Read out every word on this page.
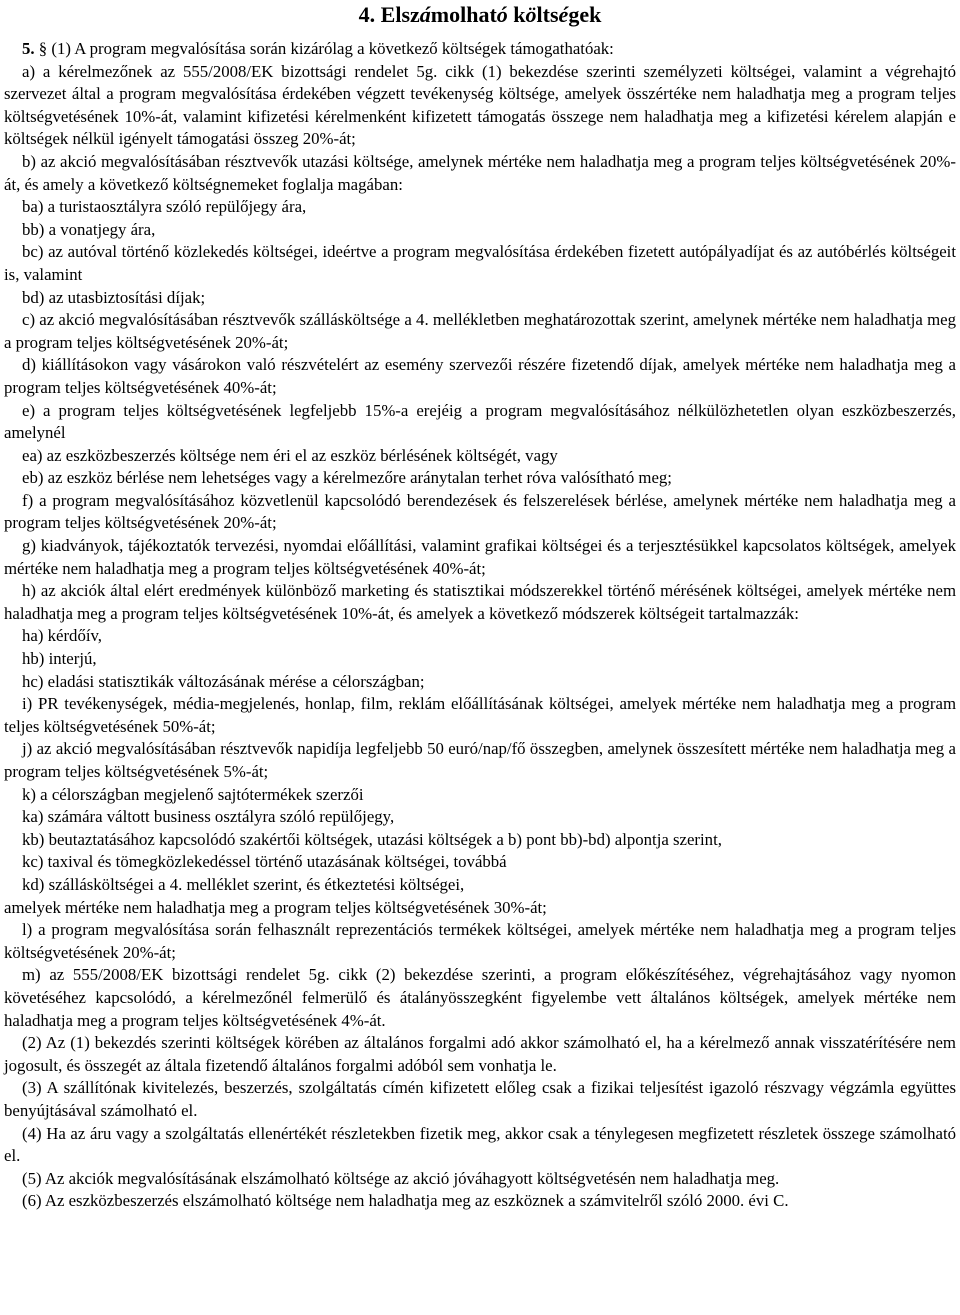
4. Elszámolható költségek

5. § (1) A program megvalósítása során kizárólag a következő költségek támogathatóak:

a) a kérelmezőnek az 555/2008/EK bizottsági rendelet 5g. cikk (1) bekezdése szerinti személyzeti költségei, valamint a végrehajtó szervezet által a program megvalósítása érdekében végzett tevékenység költsége, amelyek összértéke nem haladhatja meg a program teljes költségvetésének 10%-át, valamint kifizetési kérelmenként kifizetett támogatás összege nem haladhatja meg a kifizetési kérelem alapján e költségek nélkül igényelt támogatási összeg 20%-át;

b) az akció megvalósításában résztvevők utazási költsége, amelynek mértéke nem haladhatja meg a program teljes költségvetésének 20%-át, és amely a következő költségnemeket foglalja magában:

ba) a turistaosztályra szóló repülőjegy ára,

bb) a vonatjegy ára,

bc) az autóval történő közlekedés költségei, ideértve a program megvalósítása érdekében fizetett autópályadíjat és az autóbérlés költségeit is, valamint

bd) az utasbiztosítási díjak;

c) az akció megvalósításában résztvevők szállásköltsége a 4. mellékletben meghatározottak szerint, amelynek mértéke nem haladhatja meg a program teljes költségvetésének 20%-át;

d) kiállításokon vagy vásárokon való részvételért az esemény szervezői részére fizetendő díjak, amelyek mértéke nem haladhatja meg a program teljes költségvetésének 40%-át;

e) a program teljes költségvetésének legfeljebb 15%-a erejéig a program megvalósításához nélkülözhetetlen olyan eszközbeszerzés, amelynél

ea) az eszközbeszerzés költsége nem éri el az eszköz bérlésének költségét, vagy

eb) az eszköz bérlése nem lehetséges vagy a kérelmezőre aránytalan terhet róva valósítható meg;

f) a program megvalósításához közvetlenül kapcsolódó berendezések és felszerelések bérlése, amelynek mértéke nem haladhatja meg a program teljes költségvetésének 20%-át;

g) kiadványok, tájékoztatók tervezési, nyomdai előállítási, valamint grafikai költségei és a terjesztésükkel kapcsolatos költségek, amelyek mértéke nem haladhatja meg a program teljes költségvetésének 40%-át;

h) az akciók által elért eredmények különböző marketing és statisztikai módszerekkel történő mérésének költségei, amelyek mértéke nem haladhatja meg a program teljes költségvetésének 10%-át, és amelyek a következő módszerek költségeit tartalmazzák:

ha) kérdőív,

hb) interjú,

hc) eladási statisztikák változásának mérése a célországban;

i) PR tevékenységek, média-megjelenés, honlap, film, reklám előállításának költségei, amelyek mértéke nem haladhatja meg a program teljes költségvetésének 50%-át;

j) az akció megvalósításában résztvevők napidíja legfeljebb 50 euró/nap/fő összegben, amelynek összesített mértéke nem haladhatja meg a program teljes költségvetésének 5%-át;

k) a célországban megjelenő sajtótermékek szerzői

ka) számára váltott business osztályra szóló repülőjegy,

kb) beutaztatásához kapcsolódó szakértői költségek, utazási költségek a b) pont bb)-bd) alpontja szerint,

kc) taxival és tömegközlekedéssel történő utazásának költségei, továbbá

kd) szállásköltségei a 4. melléklet szerint, és étkeztetési költségei,

amelyek mértéke nem haladhatja meg a program teljes költségvetésének 30%-át;

l) a program megvalósítása során felhasznált reprezentációs termékek költségei, amelyek mértéke nem haladhatja meg a program teljes költségvetésének 20%-át;

m) az 555/2008/EK bizottsági rendelet 5g. cikk (2) bekezdése szerinti, a program előkészítéséhez, végrehajtásához vagy nyomon követéséhez kapcsolódó, a kérelmezőnél felmerülő és átalányösszegként figyelembe vett általános költségek, amelyek mértéke nem haladhatja meg a program teljes költségvetésének 4%-át.

(2) Az (1) bekezdés szerinti költségek körében az általános forgalmi adó akkor számolható el, ha a kérelmező annak visszatérítésére nem jogosult, és összegét az általa fizetendő általános forgalmi adóból sem vonhatja le.

(3) A szállítónak kivitelezés, beszerzés, szolgáltatás címén kifizetett előleg csak a fizikai teljesítést igazoló részvagy végzámla együttes benyújtásával számolható el.

(4) Ha az áru vagy a szolgáltatás ellenértékét részletekben fizetik meg, akkor csak a ténylegesen megfizetett részletek összege számolható el.

(5) Az akciók megvalósításának elszámolható költsége az akció jóváhagyott költségvetésén nem haladhatja meg.

(6) Az eszközbeszerzés elszámolható költsége nem haladhatja meg az eszköznek a számvitelről szóló 2000. évi C.
